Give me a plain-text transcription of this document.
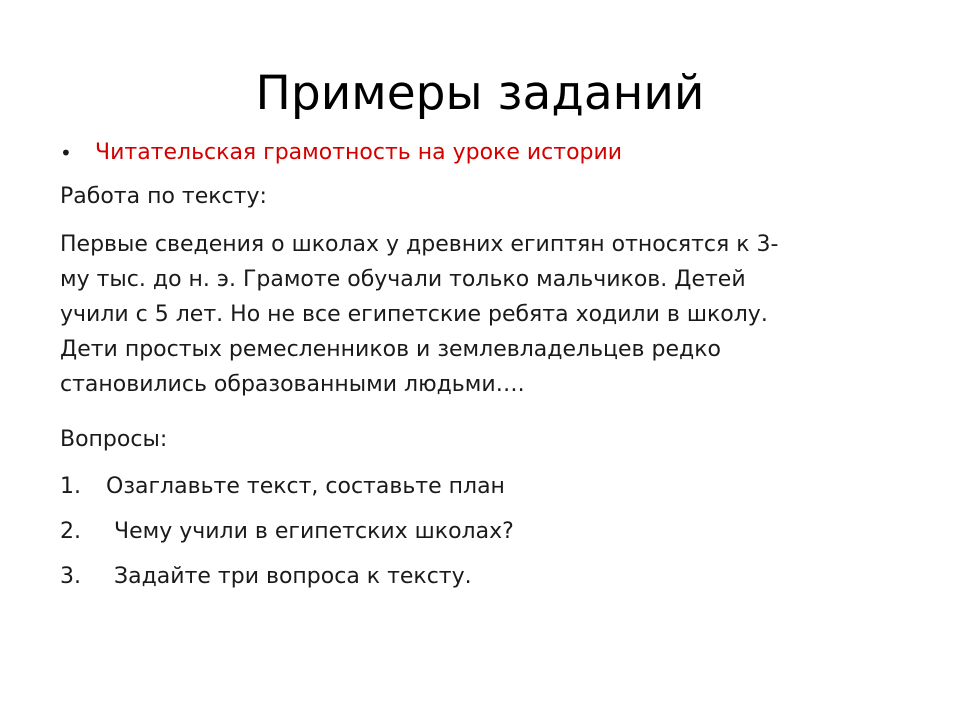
Примеры заданий
• Читательская грамотность на уроке истории
Работа по тексту:
Первые сведения о школах у древних египтян относятся к 3-
му тыс. до н. э. Грамоте обучали только мальчиков. Детей
учили с 5 лет. Но не все египетские ребята ходили в школу.
Дети простых ремесленников и землевладельцев редко
становились образованными людьми….
Вопросы:
1. Озаглавьте текст, составьте план
2. Чему учили в египетских школах?
3. Задайте три вопроса к тексту.
